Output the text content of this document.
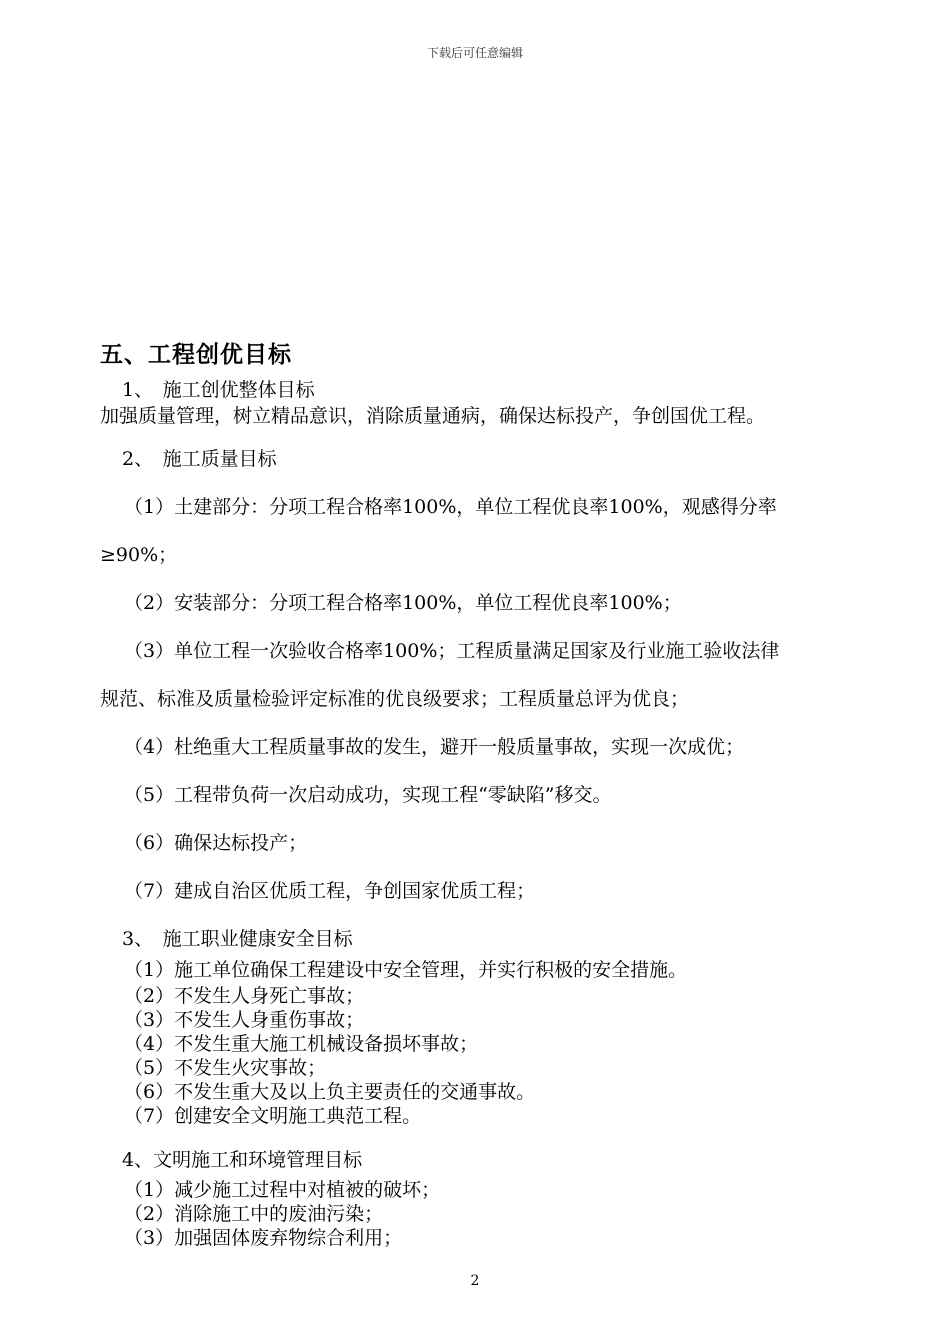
下载后可任意编辑
五、工程创优目标
1、　施工创优整体目标
加强质量管理，树立精品意识，消除质量通病，确保达标投产，争创国优工程。
2、　施工质量目标
（1）土建部分：分项工程合格率100%，单位工程优良率100%，观感得分率
≥90%；
（2）安装部分：分项工程合格率100%，单位工程优良率100%；
（3）单位工程一次验收合格率100%；工程质量满足国家及行业施工验收法律
规范、标准及质量检验评定标准的优良级要求；工程质量总评为优良；
（4）杜绝重大工程质量事故的发生，避开一般质量事故，实现一次成优；
（5）工程带负荷一次启动成功，实现工程“零缺陷”移交。
（6）确保达标投产；
（7）建成自治区优质工程，争创国家优质工程；
3、　施工职业健康安全目标
（1）施工单位确保工程建设中安全管理，并实行积极的安全措施。
（2）不发生人身死亡事故；
（3）不发生人身重伤事故；
（4）不发生重大施工机械设备损坏事故；
（5）不发生火灾事故；
（6）不发生重大及以上负主要责任的交通事故。
（7）创建安全文明施工典范工程。
4、文明施工和环境管理目标
（1）减少施工过程中对植被的破坏；
（2）消除施工中的废油污染；
（3）加强固体废弃物综合利用；
2
